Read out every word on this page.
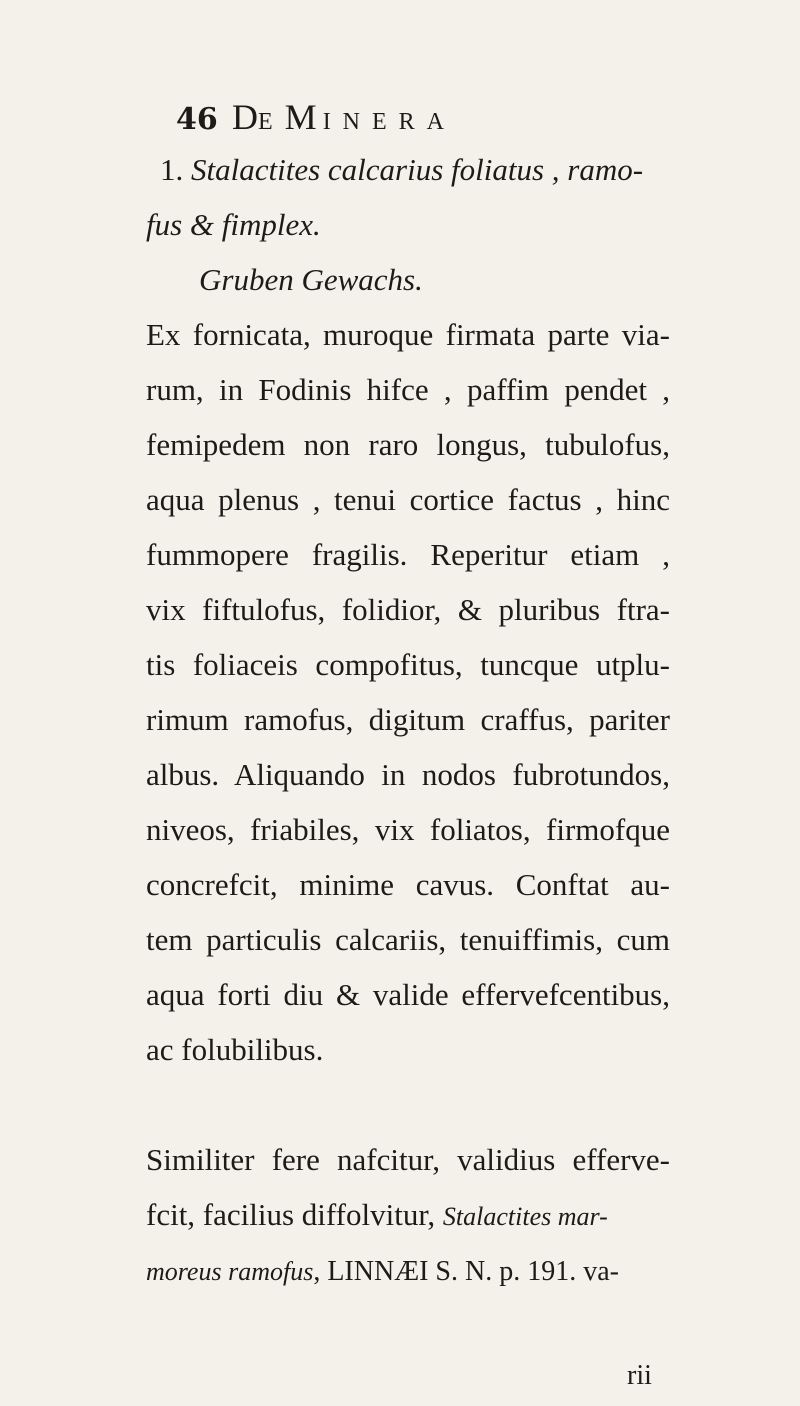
46 DEMINERA
1. Stalactites calcarius foliatus , ramo-
fus & fimplex.
Gruben Gewachs.
Ex fornicata, muroque firmata parte via-
rum, in Fodinis hifce , paffim pendet ,
femipedem non raro longus, tubulofus,
aqua plenus , tenui cortice factus , hinc
fummopere fragilis. Reperitur etiam ,
vix fiftulofus, folidior, & pluribus ftra-
tis foliaceis compofitus, tuncque utplu-
rimum ramofus, digitum craffus, pariter
albus. Aliquando in nodos fubrotundos,
niveos, friabiles, vix foliatos, firmofque
concrefcit, minime cavus. Conftat au-
tem particulis calcariis, tenuiffimis, cum
aqua forti diu & valide effervefcentibus,
ac folubilibus.
Similiter fere nafcitur, validius efferve-
fcit, facilius diffolvitur, Stalactites mar-
moreus ramofus, LINNÆI S. N. p. 191. va-
rii
